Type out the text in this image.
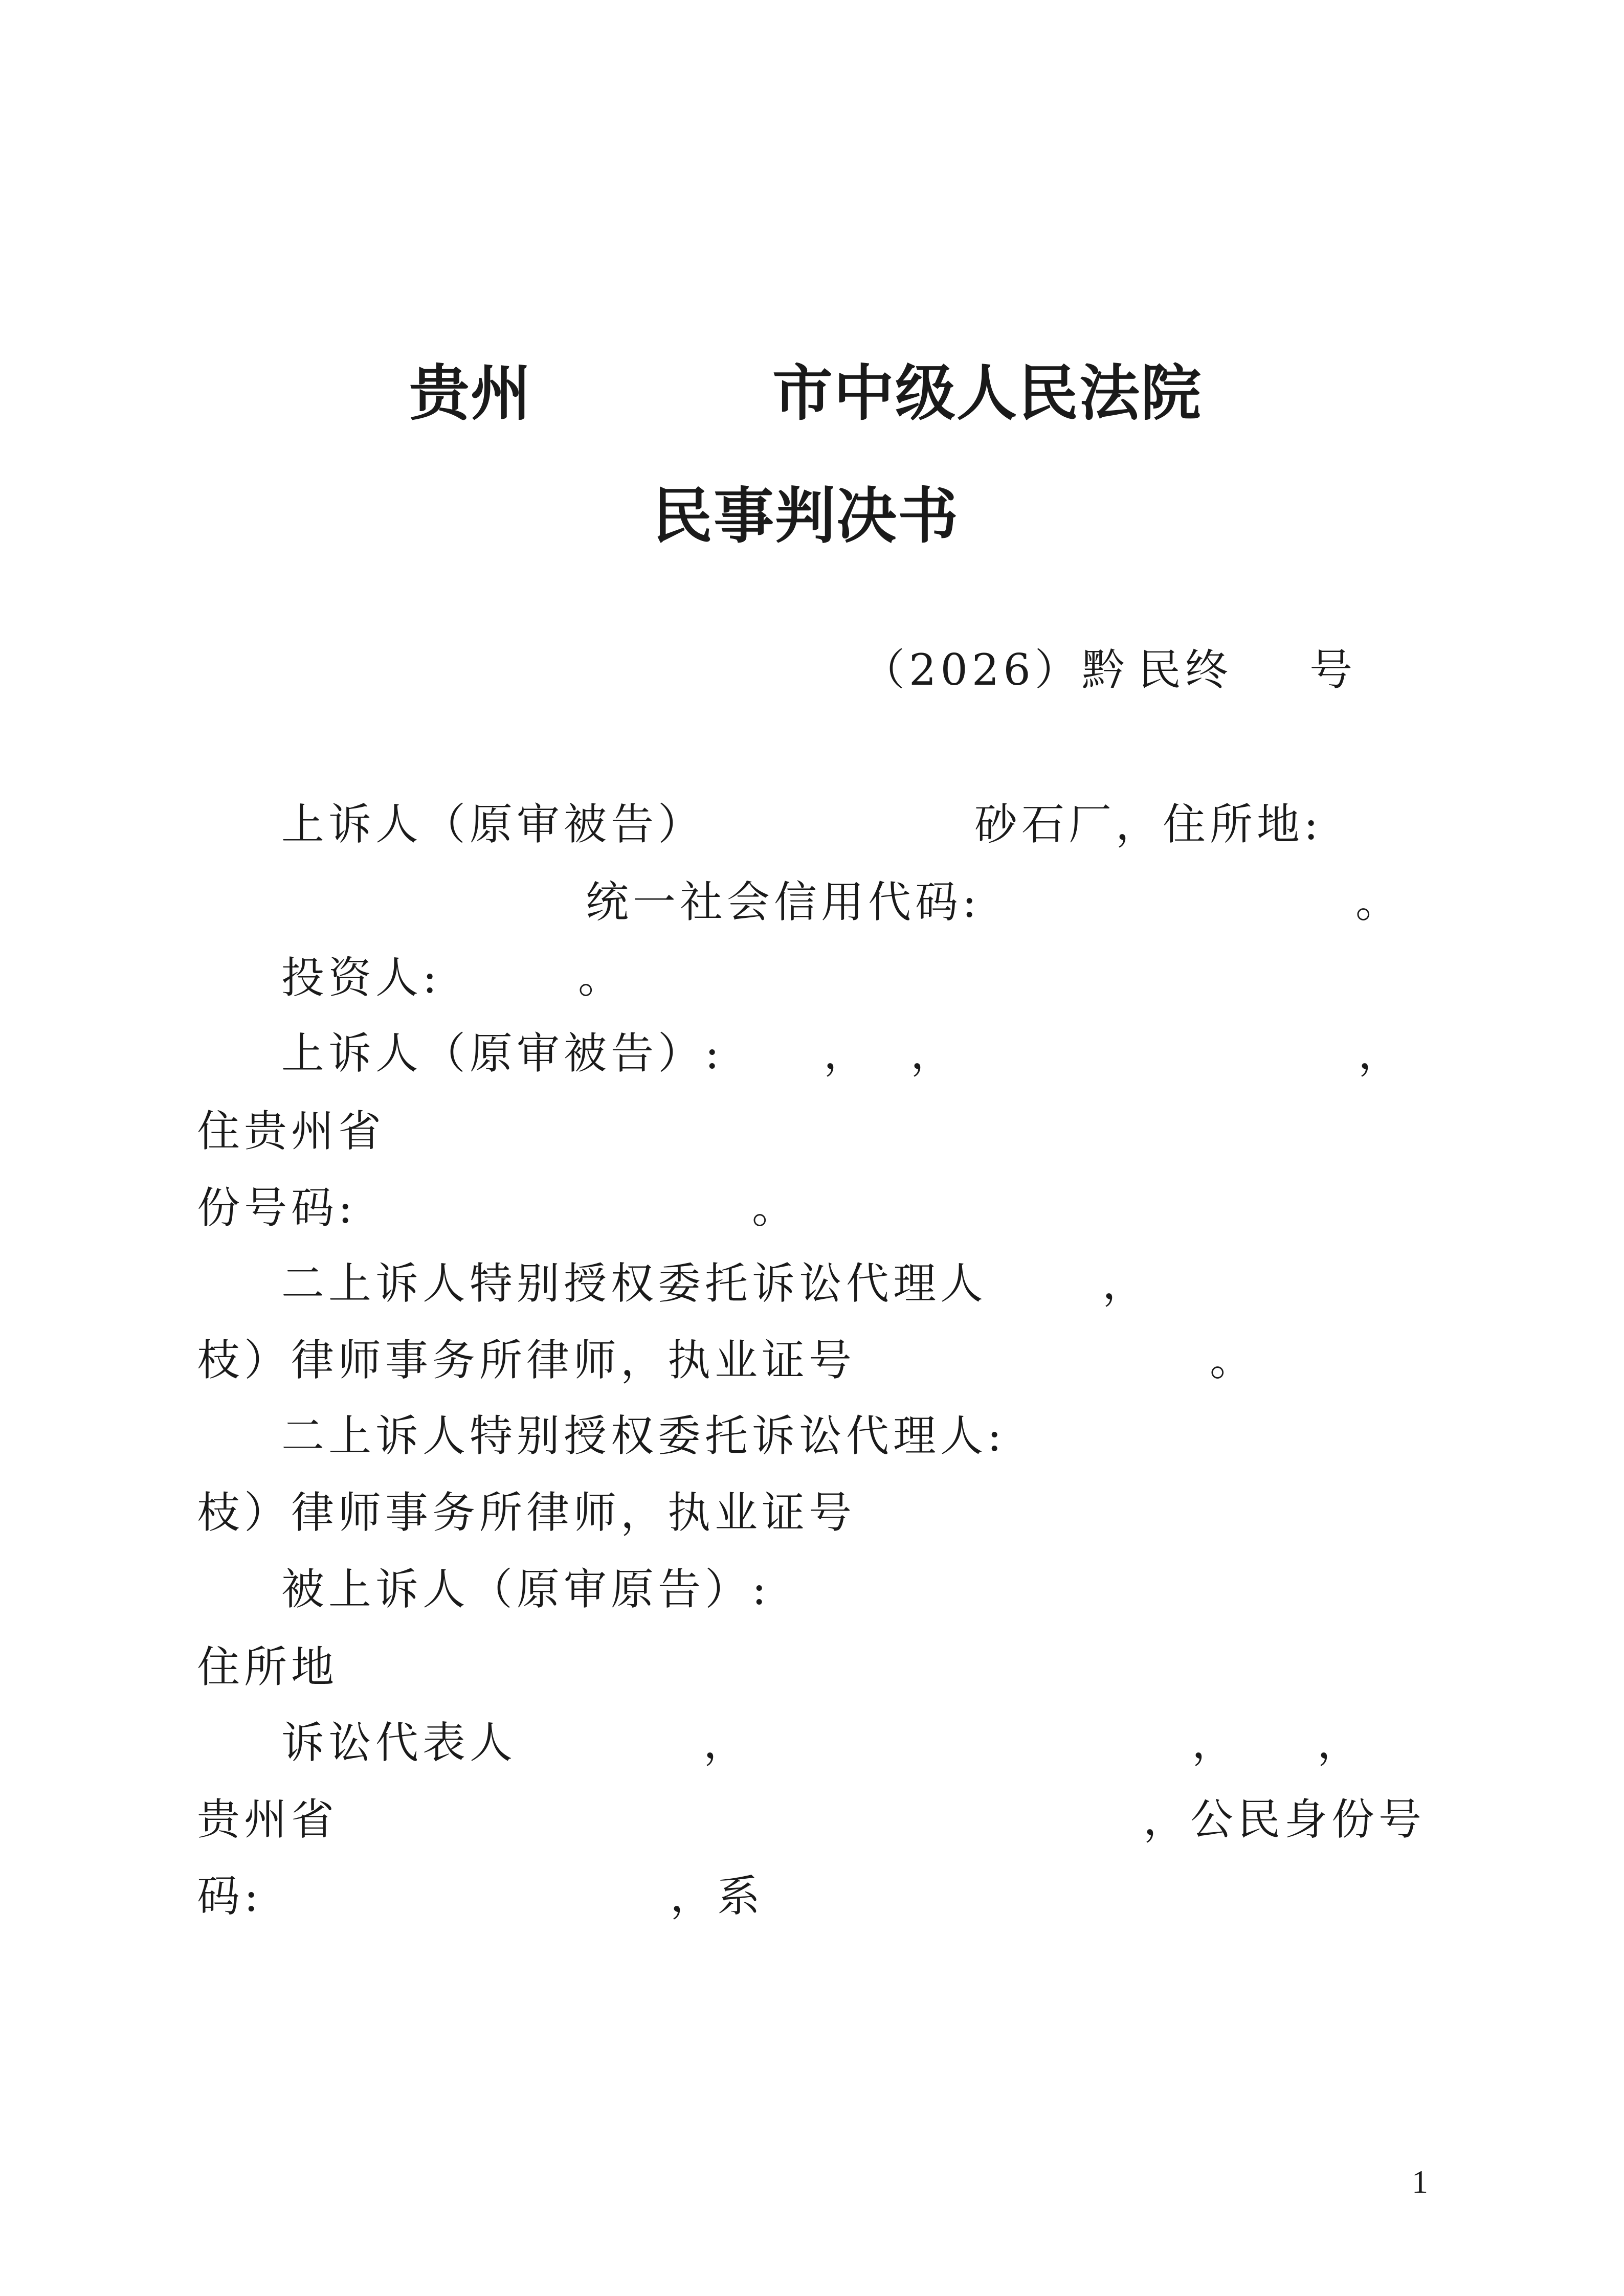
贵州	市中级人民法院
民事判决书
（2026）黔 民终 号
上诉人（原审被告）	砂石厂，住所地:
统一社会信用代码:	。
投资人:	。
上诉人（原审被告）: ， ，	，
住贵州省
份号码:	。
二上诉人特别授权委托诉讼代理人	，
枝）律师事务所律师，执业证号	。
二上诉人特别授权委托诉讼代理人:
枝）律师事务所律师，执业证号
被上诉人（原审原告）:
住所地
诉讼代表人	，	， ，
贵州省	，公民身份号
码:	，系
1
